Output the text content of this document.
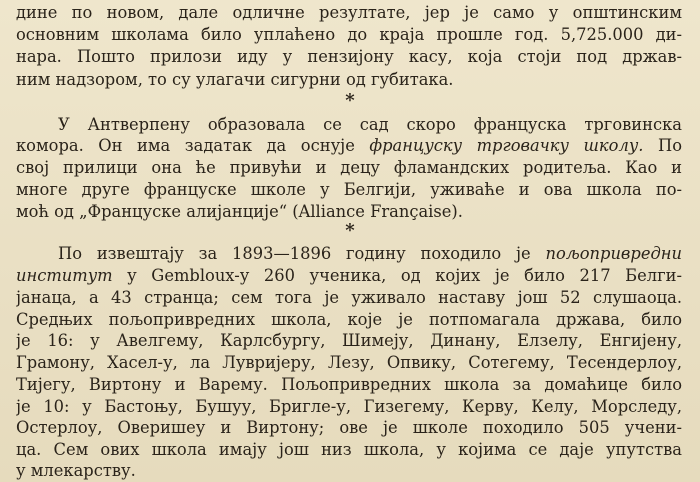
дине по новом, дале одличне резултате, јер је само у општинским
основним школама било уплаћено до краја прошле год. 5,725.000 ди-
нара. Пошто прилози иду у пензијону касу, која стоји под држав-
ним надзором, то су улагачи сигурни од губитака.
*
У Антверпену образовала се сад скоро француска трговинска
комора. Он има задатак да оснује француску трговачку школу. По
свој прилици она ће привући и децу фламандских родитеља. Као и
многе друге француске школе у Белгији, уживаће и ова школа по-
моћ од „Француске алијанције“ (Alliance Française).
*
По извештају за 1893—1896 годину походило је пољопривредни
институт у Gembloux-у 260 ученика, од којих је било 217 Белги-
јанаца, а 43 странца; сем тога је уживало наставу још 52 слушаоца.
Средњих пољопривредних школа, које је потпомагала држава, било
је 16: у Авелгему, Карлсбургу, Шимеју, Динану, Елзелу, Енгијену,
Грамону, Хасел-у, ла Лувријеру, Лезу, Опвику, Сотегему, Тесендерлоу,
Тијегу, Виртону и Варему. Пољопривредних школа за домаћице било
је 10: у Бастоњу, Бушуу, Бригле-у, Гизегему, Керву, Келу, Морследу,
Остерлоу, Оверишеу и Виртону; ове је школе походило 505 учени-
ца. Сем ових школа имају још низ школа, у којима се даје упутства
у млекарству.
